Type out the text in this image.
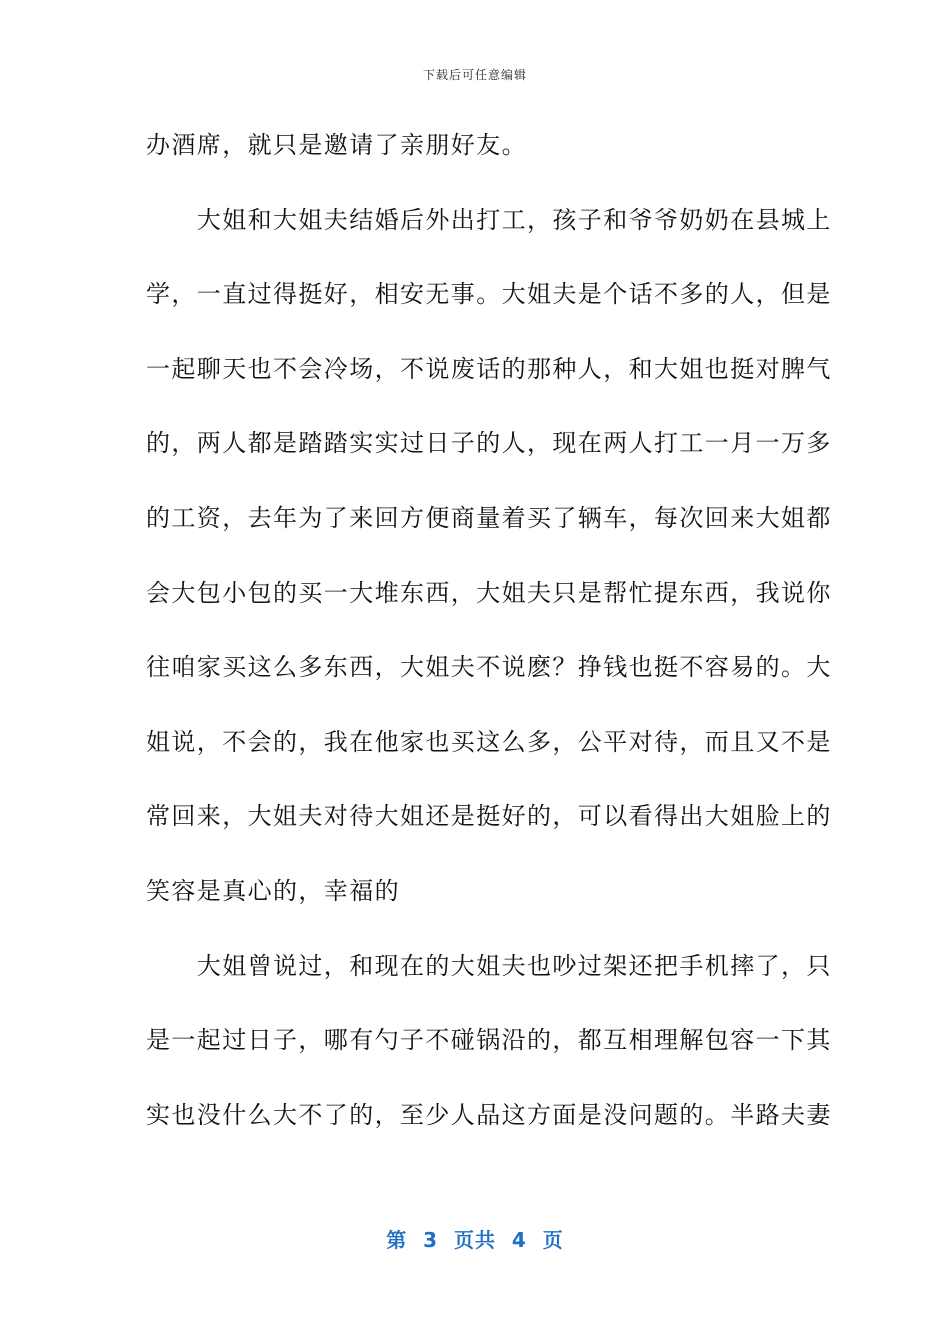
下载后可任意编辑
办酒席，就只是邀请了亲朋好友。
　　大姐和大姐夫结婚后外出打工，孩子和爷爷奶奶在县城上
学，一直过得挺好，相安无事。大姐夫是个话不多的人，但是
一起聊天也不会冷场，不说废话的那种人，和大姐也挺对脾气
的，两人都是踏踏实实过日子的人，现在两人打工一月一万多
的工资，去年为了来回方便商量着买了辆车，每次回来大姐都
会大包小包的买一大堆东西，大姐夫只是帮忙提东西，我说你
往咱家买这么多东西，大姐夫不说麽？挣钱也挺不容易的。大
姐说，不会的，我在他家也买这么多，公平对待，而且又不是
常回来，大姐夫对待大姐还是挺好的，可以看得出大姐脸上的
笑容是真心的，幸福的
　　大姐曾说过，和现在的大姐夫也吵过架还把手机摔了，只
是一起过日子，哪有勺子不碰锅沿的，都互相理解包容一下其
实也没什么大不了的，至少人品这方面是没问题的。半路夫妻
第  3  页共  4  页
